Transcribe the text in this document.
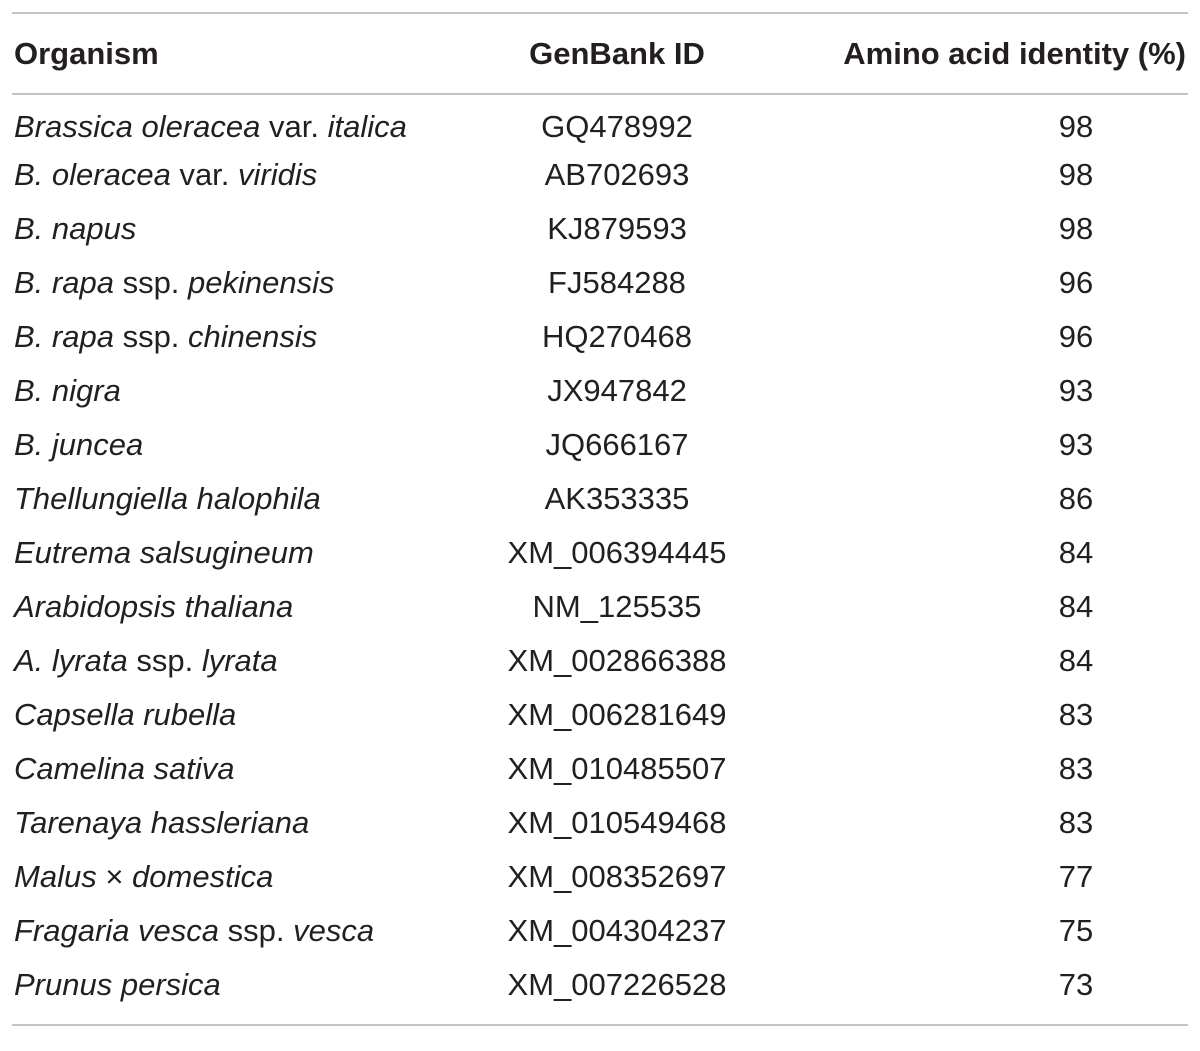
Organism	GenBank ID	Amino acid identity (%)
Brassica oleracea var. italica	GQ478992	98
B. oleracea var. viridis	AB702693	98
B. napus	KJ879593	98
B. rapa ssp. pekinensis	FJ584288	96
B. rapa ssp. chinensis	HQ270468	96
B. nigra	JX947842	93
B. juncea	JQ666167	93
Thellungiella halophila	AK353335	86
Eutrema salsugineum	XM_006394445	84
Arabidopsis thaliana	NM_125535	84
A. lyrata ssp. lyrata	XM_002866388	84
Capsella rubella	XM_006281649	83
Camelina sativa	XM_010485507	83
Tarenaya hassleriana	XM_010549468	83
Malus × domestica	XM_008352697	77
Fragaria vesca ssp. vesca	XM_004304237	75
Prunus persica	XM_007226528	73
